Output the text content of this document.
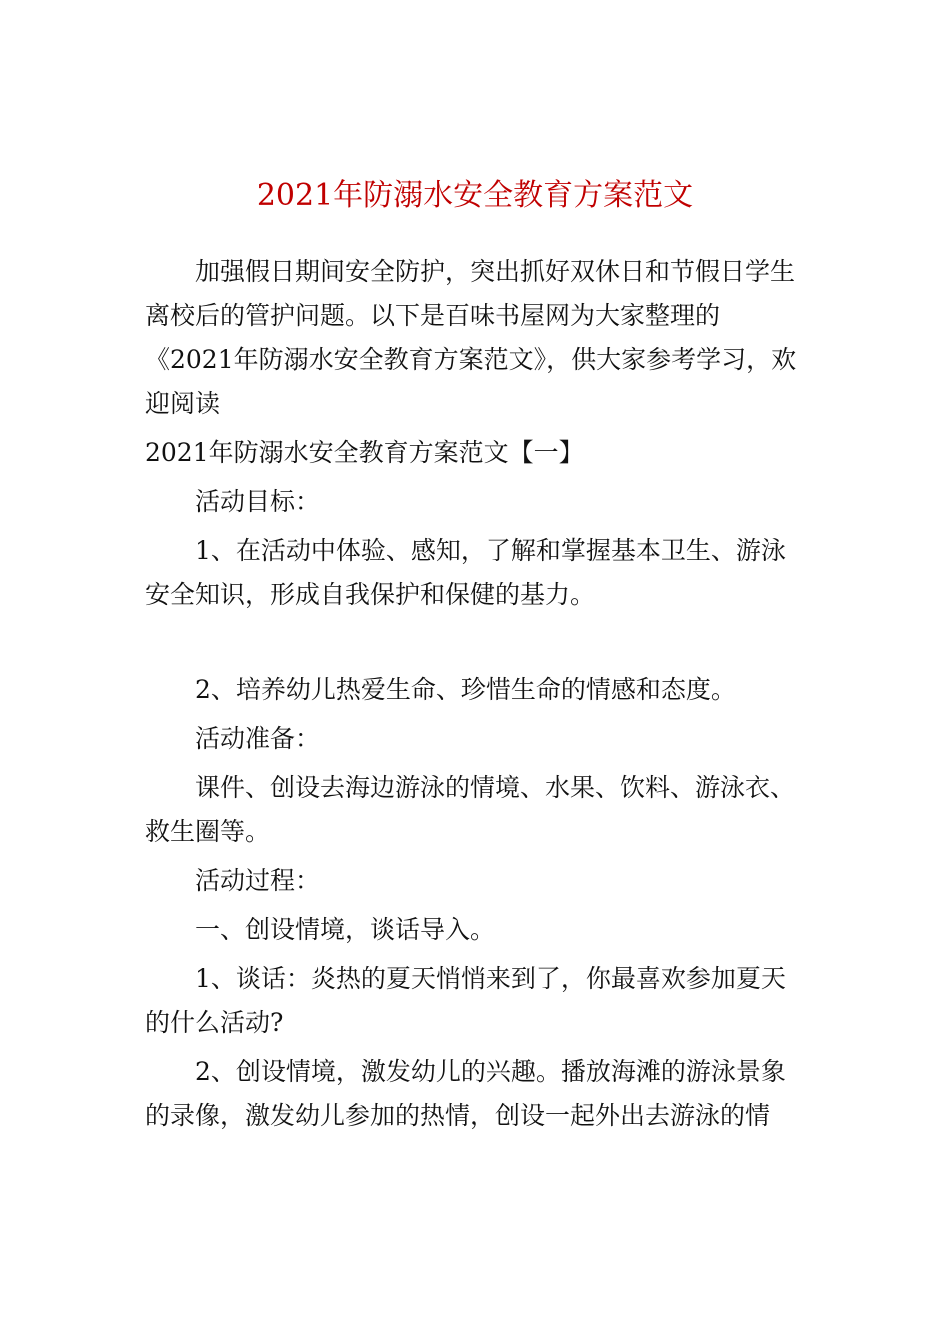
2021年防溺水安全教育方案范文

加强假日期间安全防护，突出抓好双休日和节假日学生离校后的管护问题。以下是百味书屋网为大家整理的《2021年防溺水安全教育方案范文》，供大家参考学习，欢迎阅读

2021年防溺水安全教育方案范文【一】

活动目标：

1、在活动中体验、感知，了解和掌握基本卫生、游泳安全知识，形成自我保护和保健的基力。

2、培养幼儿热爱生命、珍惜生命的情感和态度。

活动准备：

课件、创设去海边游泳的情境、水果、饮料、游泳衣、救生圈等。

活动过程：

一、创设情境，谈话导入。

1、谈话：炎热的夏天悄悄来到了，你最喜欢参加夏天的什么活动?

2、创设情境，激发幼儿的兴趣。播放海滩的游泳景象的录像，激发幼儿参加的热情，创设一起外出去游泳的情
